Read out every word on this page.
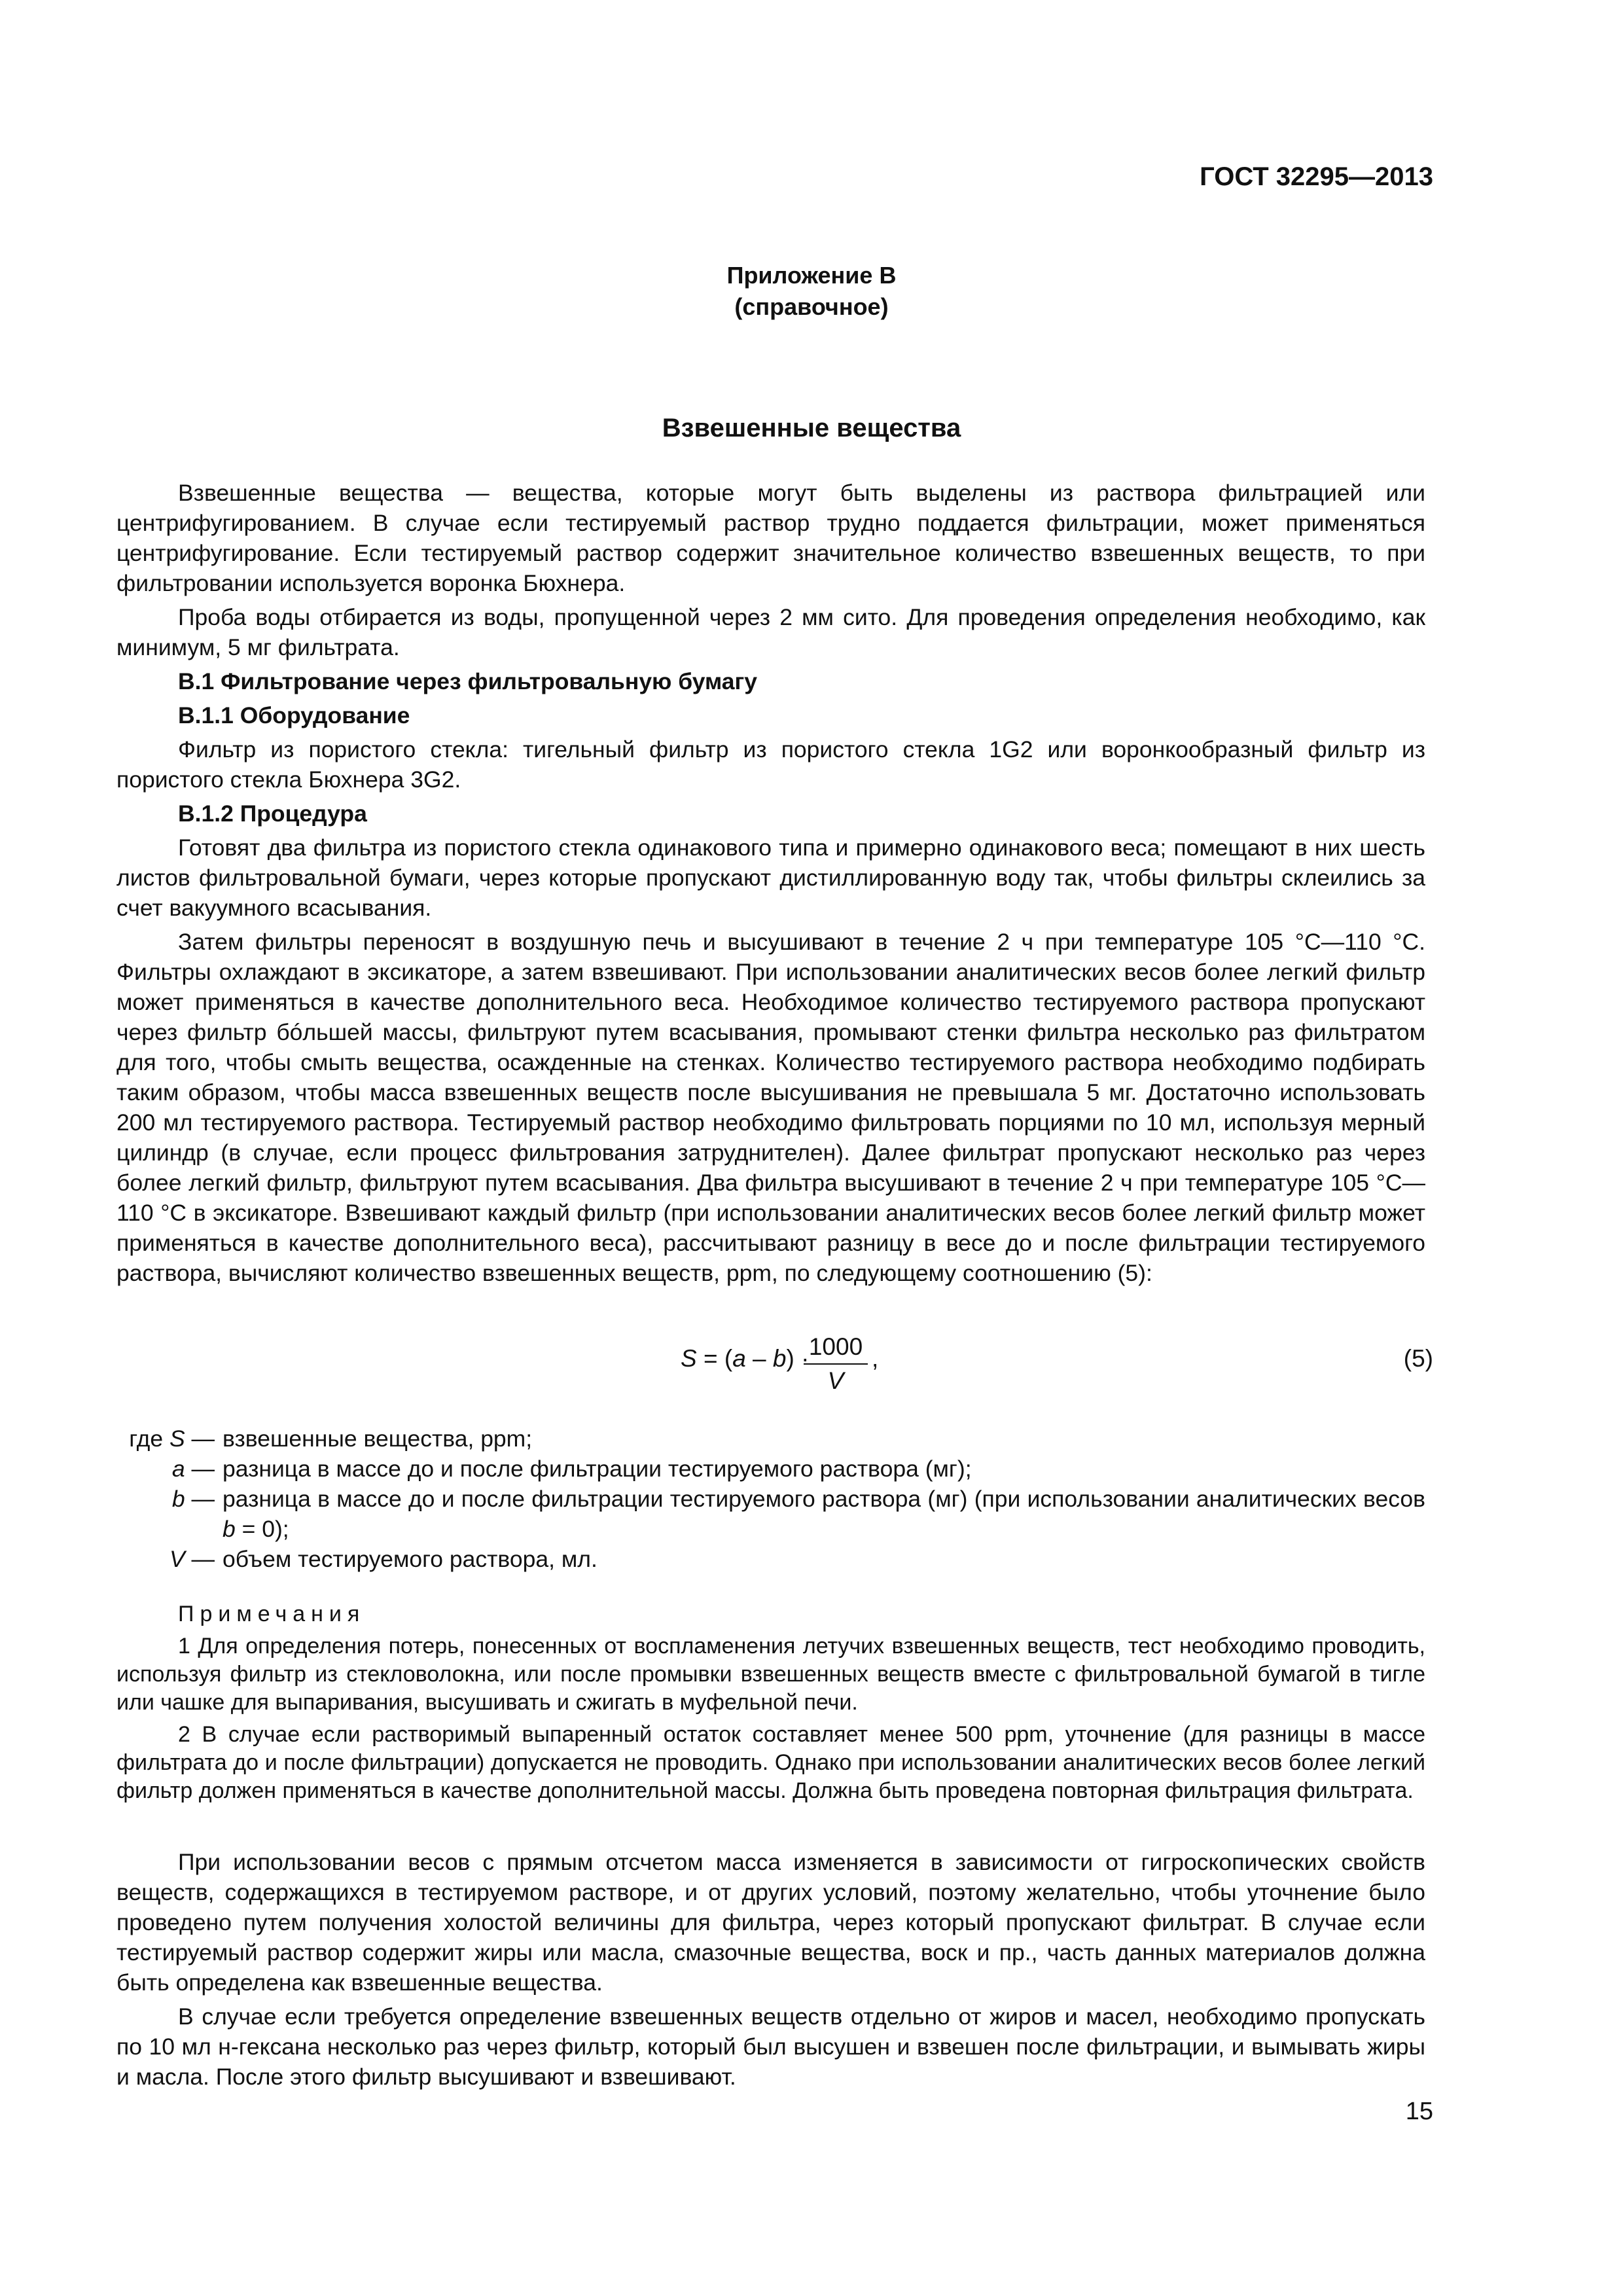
ГОСТ 32295—2013
Приложение В
(справочное)
Взвешенные вещества

Взвешенные вещества — вещества, которые могут быть выделены из раствора фильтрацией или центрифугированием. В случае если тестируемый раствор трудно поддается фильтрации, может применяться центрифугирование. Если тестируемый раствор содержит значительное количество взвешенных веществ, то при фильтровании используется воронка Бюхнера.

Проба воды отбирается из воды, пропущенной через 2 мм сито. Для проведения определения необходимо, как минимум, 5 мг фильтрата.

В.1 Фильтрование через фильтровальную бумагу

В.1.1 Оборудование

Фильтр из пористого стекла: тигельный фильтр из пористого стекла 1G2 или воронкообразный фильтр из пористого стекла Бюхнера 3G2.

В.1.2 Процедура

Готовят два фильтра из пористого стекла одинакового типа и примерно одинакового веса; помещают в них шесть листов фильтровальной бумаги, через которые пропускают дистиллированную воду так, чтобы фильтры склеились за счет вакуумного всасывания.

Затем фильтры переносят в воздушную печь и высушивают в течение 2 ч при температуре 105 °С—110 °С. Фильтры охлаждают в эксикаторе, а затем взвешивают. При использовании аналитических весов более легкий фильтр может применяться в качестве дополнительного веса. Необходимое количество тестируемого раствора пропускают через фильтр бóльшей массы, фильтруют путем всасывания, промывают стенки фильтра несколько раз фильтратом для того, чтобы смыть вещества, осажденные на стенках. Количество тестируемого раствора необходимо подбирать таким образом, чтобы масса взвешенных веществ после высушивания не превышала 5 мг. Достаточно использовать 200 мл тестируемого раствора. Тестируемый раствор необходимо фильтровать порциями по 10 мл, используя мерный цилиндр (в случае, если процесс фильтрования затруднителен). Далее фильтрат пропускают несколько раз через более легкий фильтр, фильтруют путем всасывания. Два фильтра высушивают в течение 2 ч при температуре 105 °С—110 °С в эксикаторе. Взвешивают каждый фильтр (при использовании аналитических весов более легкий фильтр может применяться в качестве дополнительного веса), рассчитывают разницу в весе до и после фильтрации тестируемого раствора, вычисляют количество взвешенных веществ, ppm, по следующему соотношению (5):

S = (a – b) · 1000
V
,	(5)
где S — взвешенные вещества, ppm;
a — разница в массе до и после фильтрации тестируемого раствора (мг);
b — разница в массе до и после фильтрации тестируемого раствора (мг) (при использовании аналитических весов b = 0);
V — объем тестируемого раствора, мл.

Примечания

1 Для определения потерь, понесенных от воспламенения летучих взвешенных веществ, тест необходимо проводить, используя фильтр из стекловолокна, или после промывки взвешенных веществ вместе с фильтровальной бумагой в тигле или чашке для выпаривания, высушивать и сжигать в муфельной печи.

2 В случае если растворимый выпаренный остаток составляет менее 500 ppm, уточнение (для разницы в массе фильтрата до и после фильтрации) допускается не проводить. Однако при использовании аналитических весов более легкий фильтр должен применяться в качестве дополнительной массы. Должна быть проведена повторная фильтрация фильтрата.

При использовании весов с прямым отсчетом масса изменяется в зависимости от гигроскопических свойств веществ, содержащихся в тестируемом растворе, и от других условий, поэтому желательно, чтобы уточнение было проведено путем получения холостой величины для фильтра, через который пропускают фильтрат. В случае если тестируемый раствор содержит жиры или масла, смазочные вещества, воск и пр., часть данных материалов должна быть определена как взвешенные вещества.

В случае если требуется определение взвешенных веществ отдельно от жиров и масел, необходимо пропускать по 10 мл н-гексана несколько раз через фильтр, который был высушен и взвешен после фильтрации, и вымывать жиры и масла. После этого фильтр высушивают и взвешивают.

15
